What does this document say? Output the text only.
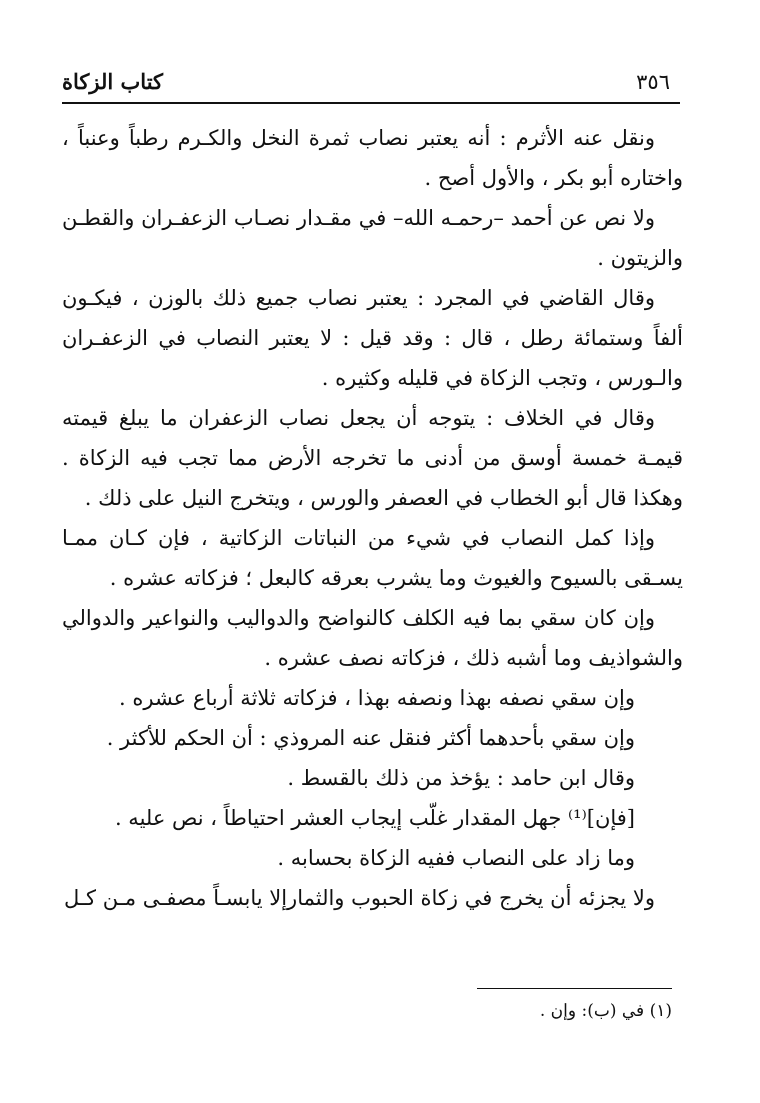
٣٥٦
كتاب الزكاة

ونقل عنه الأثرم : أنه يعتبر نصاب ثمرة النخل والكـرم رطباً وعنباً ، واختاره أبو بكر ، والأول أصح .

ولا نص عن أحمد –رحمـه الله– في مقـدار نصـاب الزعفـران والقطـن والزيتون .

وقال القاضي في المجرد : يعتبر نصاب جميع ذلك بالوزن ، فيكـون ألفاً وستمائة رطل ، قال : وقد قيل : لا يعتبر النصاب في الزعفـران والـورس ، وتجب الزكاة في قليله وكثيره .

وقال في الخلاف : يتوجه أن يجعل نصاب الزعفران ما يبلغ قيمته قيمـة خمسة أوسق من أدنى ما تخرجه الأرض مما تجب فيه الزكاة . وهكذا قال أبو الخطاب في العصفر والورس ، ويتخرج النيل على ذلك .

وإذا كمل النصاب في شيء من النباتات الزكاتية ، فإن كـان ممـا يسـقى بالسيوح والغيوث وما يشرب بعرقه كالبعل ؛ فزكاته عشره .

وإن كان سقي بما فيه الكلف كالنواضح والدواليب والنواعير والدوالي والشواذيف وما أشبه ذلك ، فزكاته نصف عشره .

وإن سقي نصفه بهذا ونصفه بهذا ، فزكاته ثلاثة أرباع عشره .

وإن سقي بأحدهما أكثر فنقل عنه المروذي : أن الحكم للأكثر .

وقال ابن حامد : يؤخذ من ذلك بالقسط .

[فإن]⁽¹⁾ جهل المقدار غلّب إيجاب العشر احتياطاً ، نص عليه .

وما زاد على النصاب ففيه الزكاة بحسابه .

ولا يجزئه أن يخرج في زكاة الحبوب والثمارإلا يابسـاً مصفـى مـن كـل

(١) في (ب): وإن .
